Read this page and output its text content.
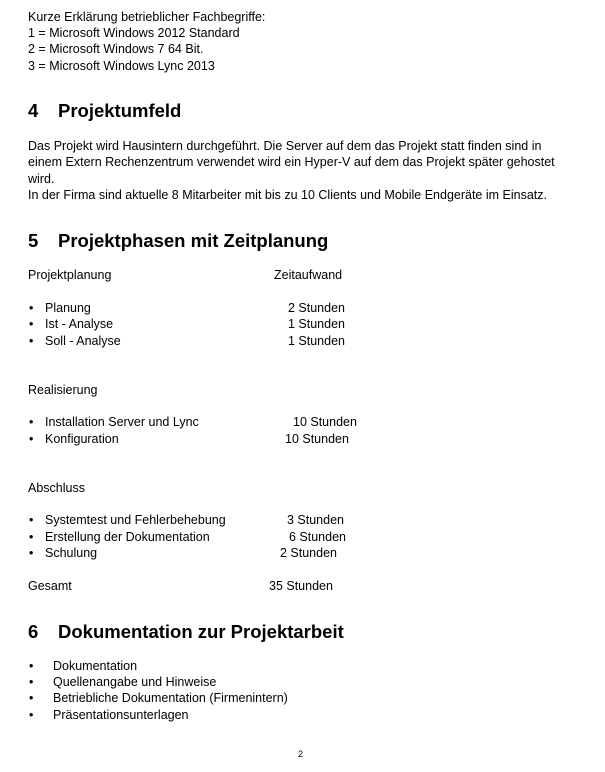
Kurze Erklärung betrieblicher Fachbegriffe:
1 = Microsoft Windows 2012 Standard
2 = Microsoft Windows 7 64 Bit.
3 = Microsoft Windows Lync 2013
4 Projektumfeld
Das Projekt wird Hausintern durchgeführt. Die Server auf dem das Projekt statt finden sind in einem Extern Rechenzentrum verwendet wird ein Hyper-V auf dem das Projekt später gehostet wird.
In der Firma sind aktuelle 8 Mitarbeiter mit bis zu 10 Clients und Mobile Endgeräte im Einsatz.
5 Projektphasen mit Zeitplanung
Projektplanung	Zeitaufwand
• Planung	2 Stunden
• Ist - Analyse	1 Stunden
• Soll - Analyse	1 Stunden
Realisierung
• Installation Server und Lync	10 Stunden
• Konfiguration	10 Stunden
Abschluss
• Systemtest und Fehlerbehebung	3 Stunden
• Erstellung der Dokumentation	6 Stunden
• Schulung	2 Stunden
Gesamt	35 Stunden
6 Dokumentation zur Projektarbeit
• Dokumentation
• Quellenangabe und Hinweise
• Betriebliche Dokumentation (Firmenintern)
• Präsentationsunterlagen
2
